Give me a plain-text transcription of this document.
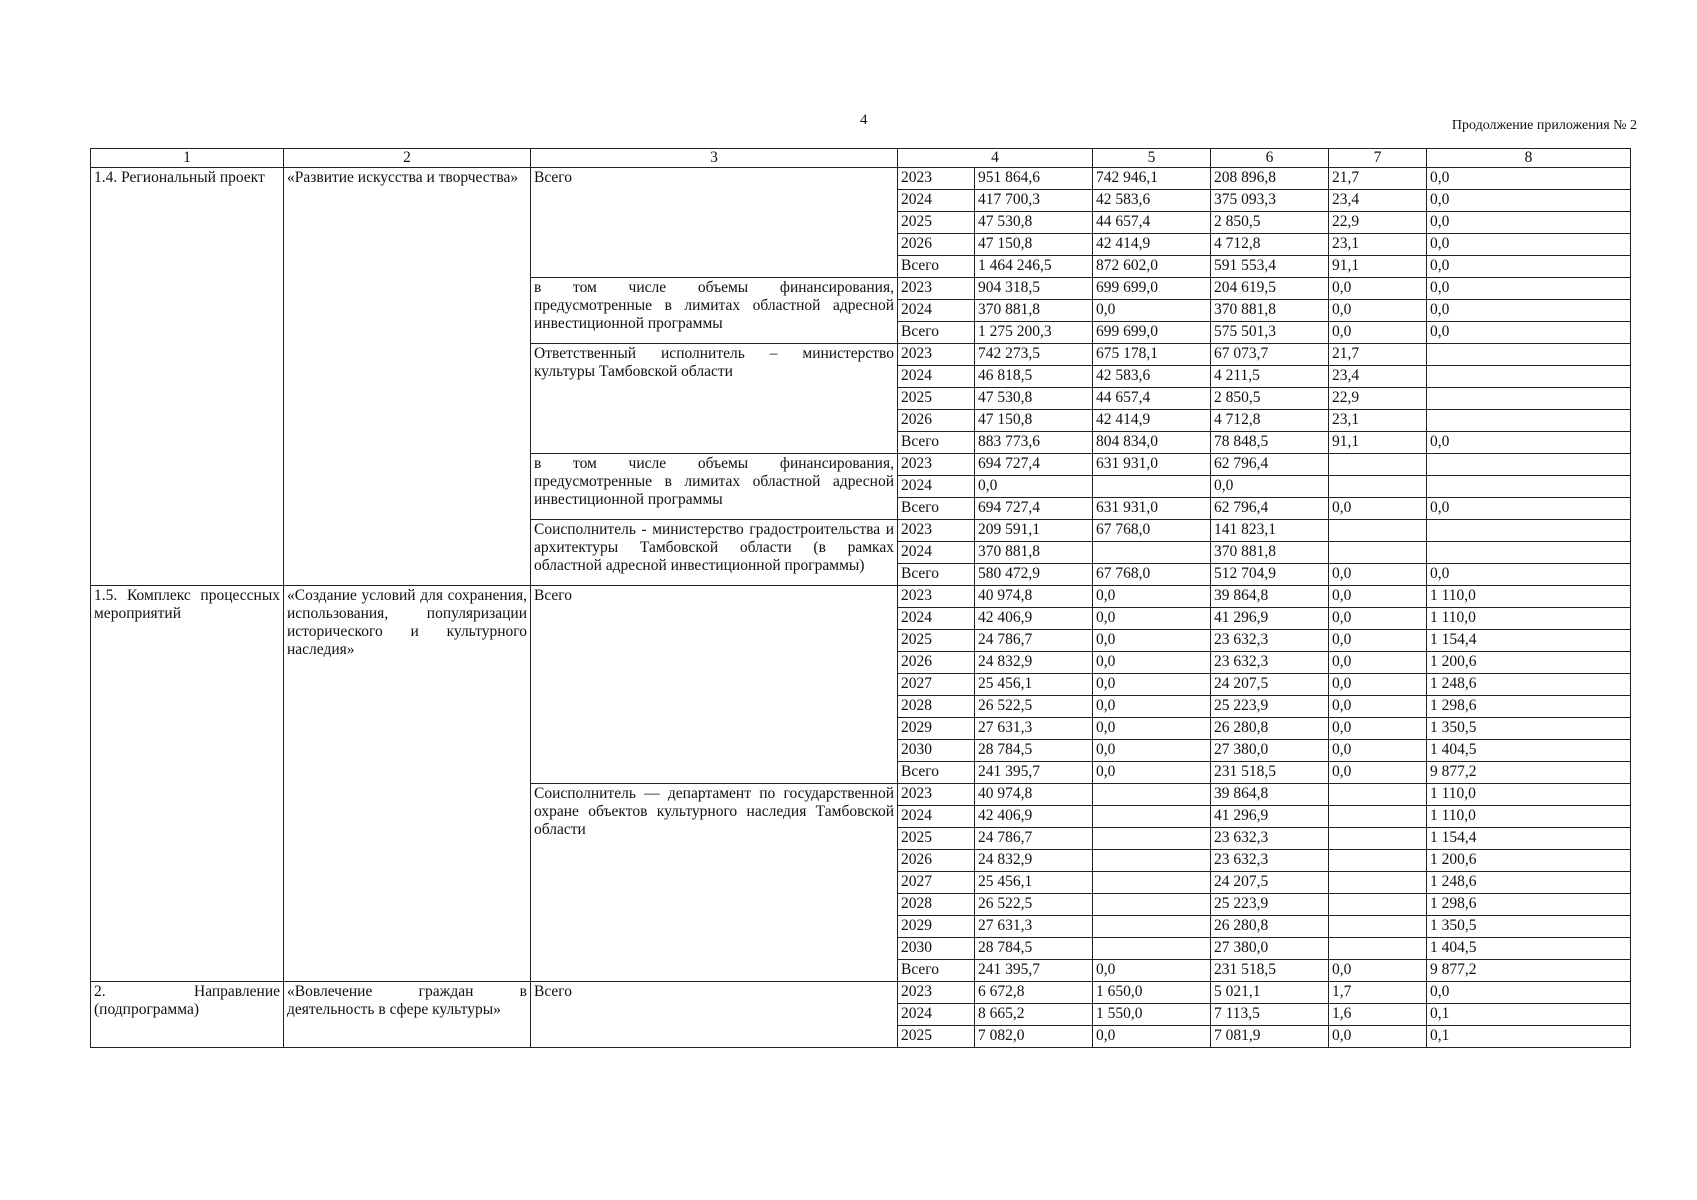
4	Продолжение приложения № 2
1	2	3	4		5	6	7	8
1.4. Региональный проект	«Развитие искусства и творчества»	Всего	2023	951 864,6	742 946,1	208 896,8	21,7	0,0
			2024	417 700,3	42 583,6	375 093,3	23,4	0,0
			2025	47 530,8	44 657,4	2 850,5	22,9	0,0
			2026	47 150,8	42 414,9	4 712,8	23,1	0,0
			Всего	1 464 246,5	872 602,0	591 553,4	91,1	0,0
		в том числе объемы финансирования, предусмотренные в лимитах областной адресной инвестиционной программы	2023	904 318,5	699 699,0	204 619,5	0,0	0,0
			2024	370 881,8	0,0	370 881,8	0,0	0,0
			Всего	1 275 200,3	699 699,0	575 501,3	0,0	0,0
		Ответственный исполнитель – министерство культуры Тамбовской области	2023	742 273,5	675 178,1	67 073,7	21,7	
			2024	46 818,5	42 583,6	4 211,5	23,4	
			2025	47 530,8	44 657,4	2 850,5	22,9	
			2026	47 150,8	42 414,9	4 712,8	23,1	
			Всего	883 773,6	804 834,0	78 848,5	91,1	0,0
		в том числе объемы финансирования, предусмотренные в лимитах областной адресной инвестиционной программы	2023	694 727,4	631 931,0	62 796,4		
			2024	0,0		0,0		
			Всего	694 727,4	631 931,0	62 796,4	0,0	0,0
		Соисполнитель - министерство градостроительства и архитектуры Тамбовской области (в рамках областной адресной инвестиционной программы)	2023	209 591,1	67 768,0	141 823,1		
			2024	370 881,8		370 881,8		
			Всего	580 472,9	67 768,0	512 704,9	0,0	0,0
1.5. Комплекс процессных мероприятий	«Создание условий для сохранения, использования, популяризации исторического и культурного наследия»	Всего	2023	40 974,8	0,0	39 864,8	0,0	1 110,0
			2024	42 406,9	0,0	41 296,9	0,0	1 110,0
			2025	24 786,7	0,0	23 632,3	0,0	1 154,4
			2026	24 832,9	0,0	23 632,3	0,0	1 200,6
			2027	25 456,1	0,0	24 207,5	0,0	1 248,6
			2028	26 522,5	0,0	25 223,9	0,0	1 298,6
			2029	27 631,3	0,0	26 280,8	0,0	1 350,5
			2030	28 784,5	0,0	27 380,0	0,0	1 404,5
			Всего	241 395,7	0,0	231 518,5	0,0	9 877,2
		Соисполнитель — департамент по государственной охране объектов культурного наследия Тамбовской области	2023	40 974,8		39 864,8		1 110,0
			2024	42 406,9		41 296,9		1 110,0
			2025	24 786,7		23 632,3		1 154,4
			2026	24 832,9		23 632,3		1 200,6
			2027	25 456,1		24 207,5		1 248,6
			2028	26 522,5		25 223,9		1 298,6
			2029	27 631,3		26 280,8		1 350,5
			2030	28 784,5		27 380,0		1 404,5
			Всего	241 395,7	0,0	231 518,5	0,0	9 877,2
2. Направление (подпрограмма)	«Вовлечение граждан в деятельность в сфере культуры»	Всего	2023	6 672,8	1 650,0	5 021,1	1,7	0,0
			2024	8 665,2	1 550,0	7 113,5	1,6	0,1
			2025	7 082,0	0,0	7 081,9	0,0	0,1
